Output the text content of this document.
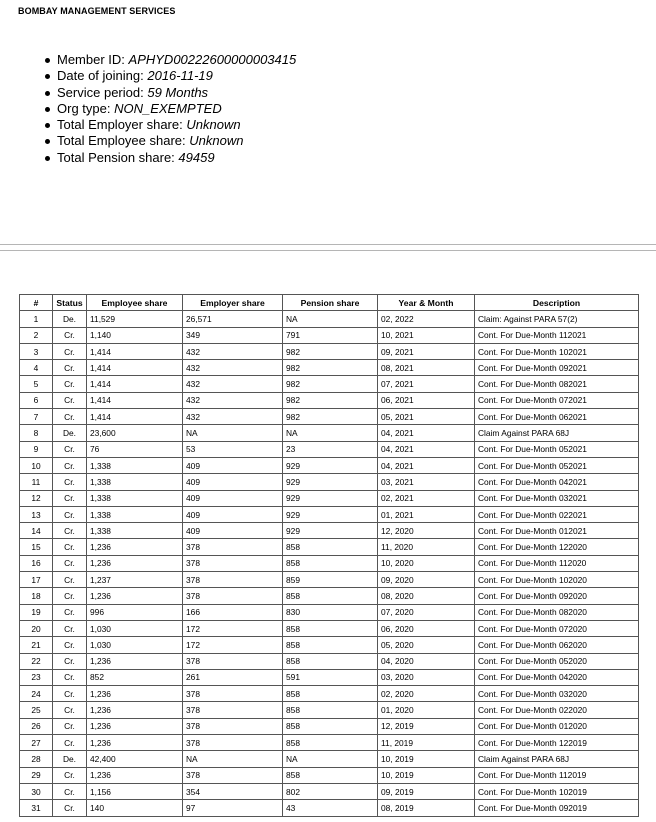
BOMBAY MANAGEMENT SERVICES
Member ID: APHYD00222600000003415
Date of joining: 2016-11-19
Service period: 59 Months
Org type: NON_EXEMPTED
Total Employer share: Unknown
Total Employee share: Unknown
Total Pension share: 49459
#	Status	Employee share	Employer share	Pension share	Year & Month	Description
1	De.	11,529	26,571	NA	02, 2022	Claim: Against PARA 57(2)
2	Cr.	1,140	349	791	10, 2021	Cont. For Due-Month 112021
3	Cr.	1,414	432	982	09, 2021	Cont. For Due-Month 102021
4	Cr.	1,414	432	982	08, 2021	Cont. For Due-Month 092021
5	Cr.	1,414	432	982	07, 2021	Cont. For Due-Month 082021
6	Cr.	1,414	432	982	06, 2021	Cont. For Due-Month 072021
7	Cr.	1,414	432	982	05, 2021	Cont. For Due-Month 062021
8	De.	23,600	NA	NA	04, 2021	Claim Against PARA 68J
9	Cr.	76	53	23	04, 2021	Cont. For Due-Month 052021
10	Cr.	1,338	409	929	04, 2021	Cont. For Due-Month 052021
11	Cr.	1,338	409	929	03, 2021	Cont. For Due-Month 042021
12	Cr.	1,338	409	929	02, 2021	Cont. For Due-Month 032021
13	Cr.	1,338	409	929	01, 2021	Cont. For Due-Month 022021
14	Cr.	1,338	409	929	12, 2020	Cont. For Due-Month 012021
15	Cr.	1,236	378	858	11, 2020	Cont. For Due-Month 122020
16	Cr.	1,236	378	858	10, 2020	Cont. For Due-Month 112020
17	Cr.	1,237	378	859	09, 2020	Cont. For Due-Month 102020
18	Cr.	1,236	378	858	08, 2020	Cont. For Due-Month 092020
19	Cr.	996	166	830	07, 2020	Cont. For Due-Month 082020
20	Cr.	1,030	172	858	06, 2020	Cont. For Due-Month 072020
21	Cr.	1,030	172	858	05, 2020	Cont. For Due-Month 062020
22	Cr.	1,236	378	858	04, 2020	Cont. For Due-Month 052020
23	Cr.	852	261	591	03, 2020	Cont. For Due-Month 042020
24	Cr.	1,236	378	858	02, 2020	Cont. For Due-Month 032020
25	Cr.	1,236	378	858	01, 2020	Cont. For Due-Month 022020
26	Cr.	1,236	378	858	12, 2019	Cont. For Due-Month 012020
27	Cr.	1,236	378	858	11, 2019	Cont. For Due-Month 122019
28	De.	42,400	NA	NA	10, 2019	Claim Against PARA 68J
29	Cr.	1,236	378	858	10, 2019	Cont. For Due-Month 112019
30	Cr.	1,156	354	802	09, 2019	Cont. For Due-Month 102019
31	Cr.	140	97	43	08, 2019	Cont. For Due-Month 092019
